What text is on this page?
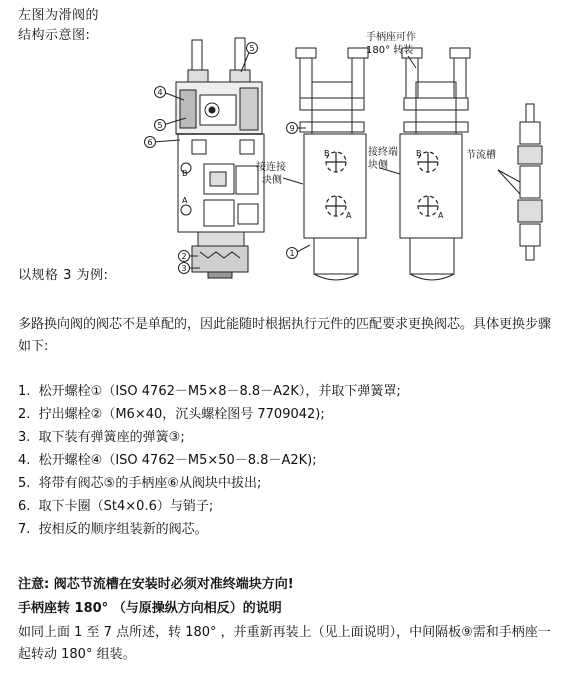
左图为滑阀的
结构示意图:
4
5
6
5
2
3
9
1
B
A
B
A
B
A
手柄座可作
180° 转装
接连接
块侧
接终端
块侧
节流槽
以规格 3 为例:
多路换向阀的阀芯不是单配的，因此能随时根据执行元件的匹配要求更换阀芯。具体更换步骤如下:
1. 松开螺栓①（ISO 4762－M5×8－8.8－A2K），并取下弹簧罩;
2. 拧出螺栓②（M6×40，沉头螺栓图号 7709042);
3. 取下装有弹簧座的弹簧③;
4. 松开螺栓④（ISO 4762－M5×50－8.8－A2K);
5. 将带有阀芯⑤的手柄座⑥从阀块中拔出;
6. 取下卡圈（St4×0.6）与销子;
7. 按相反的顺序组装新的阀芯。
注意: 阀芯节流槽在安装时必须对准终端块方向!
手柄座转 180° （与原操纵方向相反）的说明
如同上面 1 至 7 点所述，转 180° ，并重新再装上（见上面说明），中间隔板⑨需和手柄座一起转动 180° 组装。
